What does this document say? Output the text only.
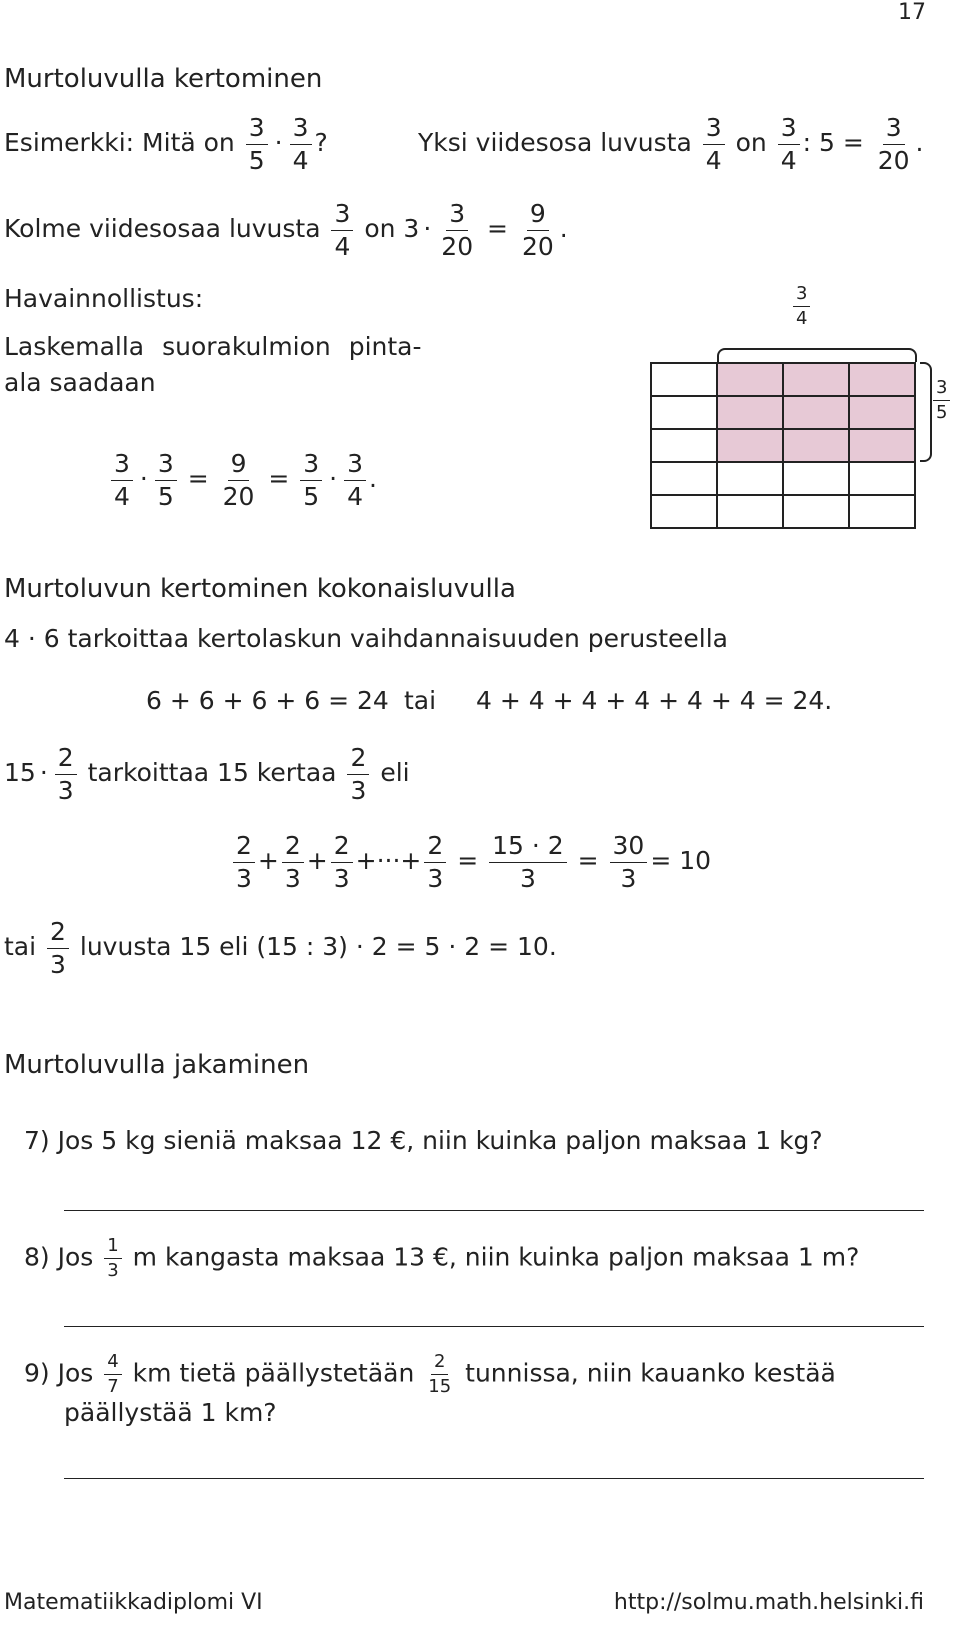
17
Murtoluvulla kertominen
Esimerkki: Mitä on $\frac{3}{5} \cdot \frac{3}{4}$ ?	Yksi viidesosa luvusta $\frac{3}{4}$ on $\frac{3}{4}$ : $5 = \frac{3}{20}$ .
Kolme viidesosaa luvusta $\frac{3}{4}$ on $3 \cdot \frac{3}{20} = \frac{9}{20}$ .
Havainnollistus:
Laskemalla suorakulmion pinta-
ala saadaan
$\frac{3}{4} \cdot \frac{3}{5} = \frac{9}{20} = \frac{3}{5} \cdot \frac{3}{4}$ .
$\frac{3}{4}$

$\frac{3}{5}$
Murtoluvun kertominen kokonaisluvulla
4 · 6 tarkoittaa kertolaskun vaihdannaisuuden perusteella
6 + 6 + 6 + 6 = 24 tai 4 + 4 + 4 + 4 + 4 + 4 = 24.
$15 \cdot \frac{2}{3}$ tarkoittaa 15 kertaa $\frac{2}{3}$ eli
$\frac{2}{3} + \frac{2}{3} + \frac{2}{3}$ +···+ $\frac{2}{3} = \frac{15 \cdot 2}{3} = \frac{30}{3} = 10$
tai $\frac{2}{3}$ luvusta 15 eli (15 : 3) · 2 = 5 · 2 = 10.
Murtoluvulla jakaminen
7) Jos 5 kg sieniä maksaa 12 €, niin kuinka paljon maksaa 1 kg?
8) Jos $\frac{1}{3}$ m kangasta maksaa 13 €, niin kuinka paljon maksaa 1 m?
9) Jos $\frac{4}{7}$ km tietä päällystetään $\frac{2}{15}$ tunnissa, niin kauanko kestää
päällystää 1 km?
Matematiikkadiplomi VI	http://solmu.math.helsinki.fi
